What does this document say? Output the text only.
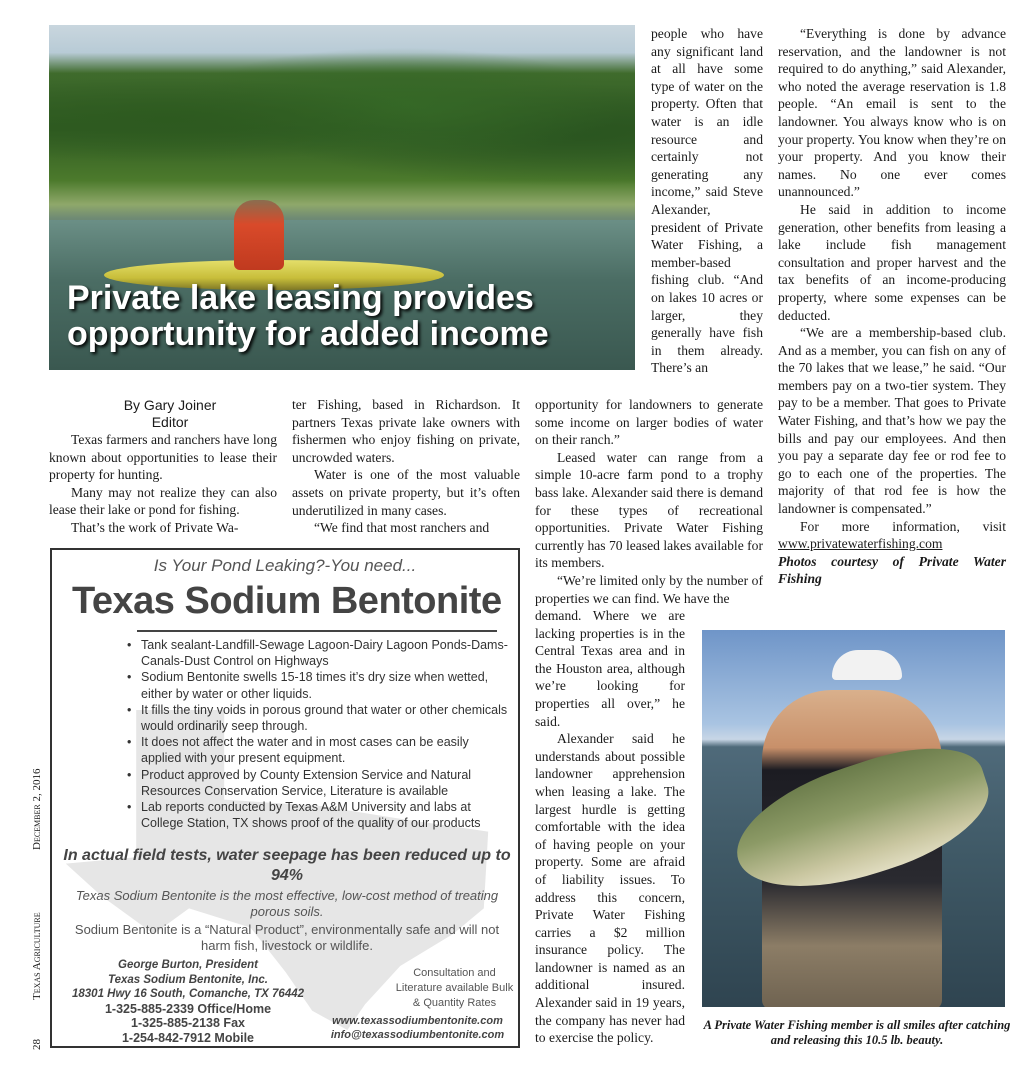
Private lake leasing provides
opportunity for added income
By Gary Joiner
Editor

Texas farmers and ranchers have long known about opportunities to lease their property for hunting.

Many may not realize they can also lease their lake or pond for fishing.

That’s the work of Private Wa-

ter Fishing, based in Richardson. It partners Texas private lake owners with fishermen who enjoy fishing on private, uncrowded waters.

Water is one of the most valuable assets on private property, but it’s often underutilized in many cases.

“We find that most ranchers and

people who have any significant land at all have some type of water on the property. Often that water is an idle resource and certainly not generating any income,” said Steve Alexander, president of Private Water Fishing, a member-based fishing club. “And on lakes 10 acres or larger, they generally have fish in them already. There’s an

opportunity for landowners to generate some income on larger bodies of water on their ranch.”

Leased water can range from a simple 10-acre farm pond to a trophy bass lake. Alexander said there is demand for these types of recreational opportunities. Private Water Fishing currently has 70 leased lakes available for its members.

“We’re limited only by the number of properties we can find. We have the

demand. Where we are lacking properties is in the Central Texas area and in the Houston area, although we’re looking for properties all over,” he said.

Alexander said he understands about possible landowner apprehension when leasing a lake. The largest hurdle is getting comfortable with the idea of having people on your property. Some are afraid of liability issues. To address this concern, Private Water Fishing carries a $2 million insurance policy. The landowner is named as an additional insured. Alexander said in 19 years, the company has never had to exercise the policy.

“Everything is done by advance reservation, and the landowner is not required to do anything,” said Alexander, who noted the average reservation is 1.8 people. “An email is sent to the landowner. You always know who is on your property. You know when they’re on your property. And you know their names. No one ever comes unannounced.”

He said in addition to income generation, other benefits from leasing a lake include fish management consultation and proper harvest and the tax benefits of an income-producing property, where some expenses can be deducted.

“We are a membership-based club. And as a member, you can fish on any of the 70 lakes that we lease,” he said. “Our members pay on a two-tier system. They pay to be a member. That goes to Private Water Fishing, and that’s how we pay the bills and pay our employees. And then you pay a separate day fee or rod fee to go to each one of the properties. The majority of that rod fee is how the landowner is compensated.”

For more information, visit www.privatewaterfishing.com

Photos courtesy of Private Water Fishing

A Private Water Fishing member is all smiles after catching and releasing this 10.5 lb. beauty.
28
Texas Agriculture
December 2, 2016
Is Your Pond Leaking?-You need...
Texas Sodium Bentonite
• Tank sealant-Landfill-Sewage Lagoon-Dairy Lagoon Ponds-Dams-Canals-Dust Control on Highways
• Sodium Bentonite swells 15-18 times it’s dry size when wetted, either by water or other liquids.
• It fills the tiny voids in porous ground that water or other chemicals would ordinarily seep through.
• It does not affect the water and in most cases can be easily applied with your present equipment.
• Product approved by County Extension Service and Natural Resources Conservation Service, Literature is available
• Lab reports conducted by Texas A&M University and labs at College Station, TX shows proof of the quality of our products
In actual field tests, water seepage has been reduced up to 94%
Texas Sodium Bentonite is the most effective, low-cost method of treating porous soils.
Sodium Bentonite is a “Natural Product”, environmentally safe and will not harm fish, livestock or wildlife.
George Burton, President
Texas Sodium Bentonite, Inc.
18301 Hwy 16 South, Comanche, TX 76442
1-325-885-2339 Office/Home
1-325-885-2138 Fax
1-254-842-7912 Mobile
Consultation and Literature available Bulk & Quantity Rates
www.texassodiumbentonite.com
info@texassodiumbentonite.com
